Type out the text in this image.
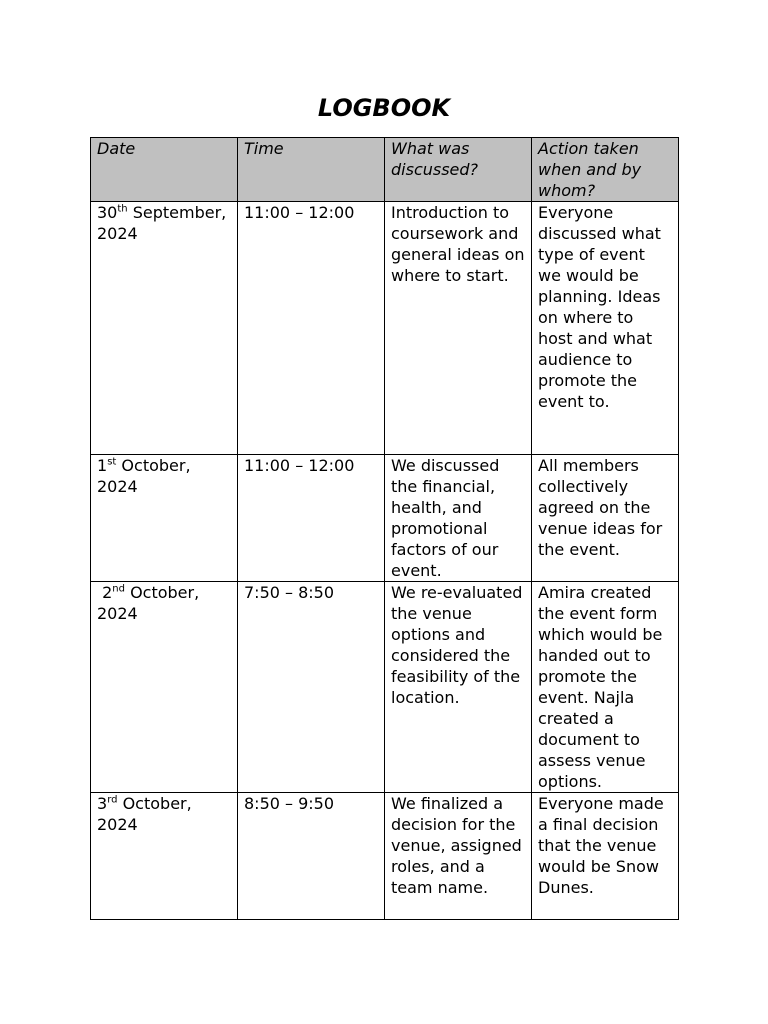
LOGBOOK
Date	Time	What was discussed?	Action taken when and by whom?
30th September, 2024	11:00 – 12:00	Introduction to coursework and general ideas on where to start.	Everyone discussed what type of event we would be planning. Ideas on where to host and what audience to promote the event to.
1st October, 2024	11:00 – 12:00	We discussed the financial, health, and promotional factors of our event.	All members collectively agreed on the venue ideas for the event.
2nd October, 2024	7:50 – 8:50	We re-evaluated the venue options and considered the feasibility of the location.	Amira created the event form which would be handed out to promote the event. Najla created a document to assess venue options.
3rd October, 2024	8:50 – 9:50	We finalized a decision for the venue, assigned roles, and a team name.	Everyone made a final decision that the venue would be Snow Dunes.
